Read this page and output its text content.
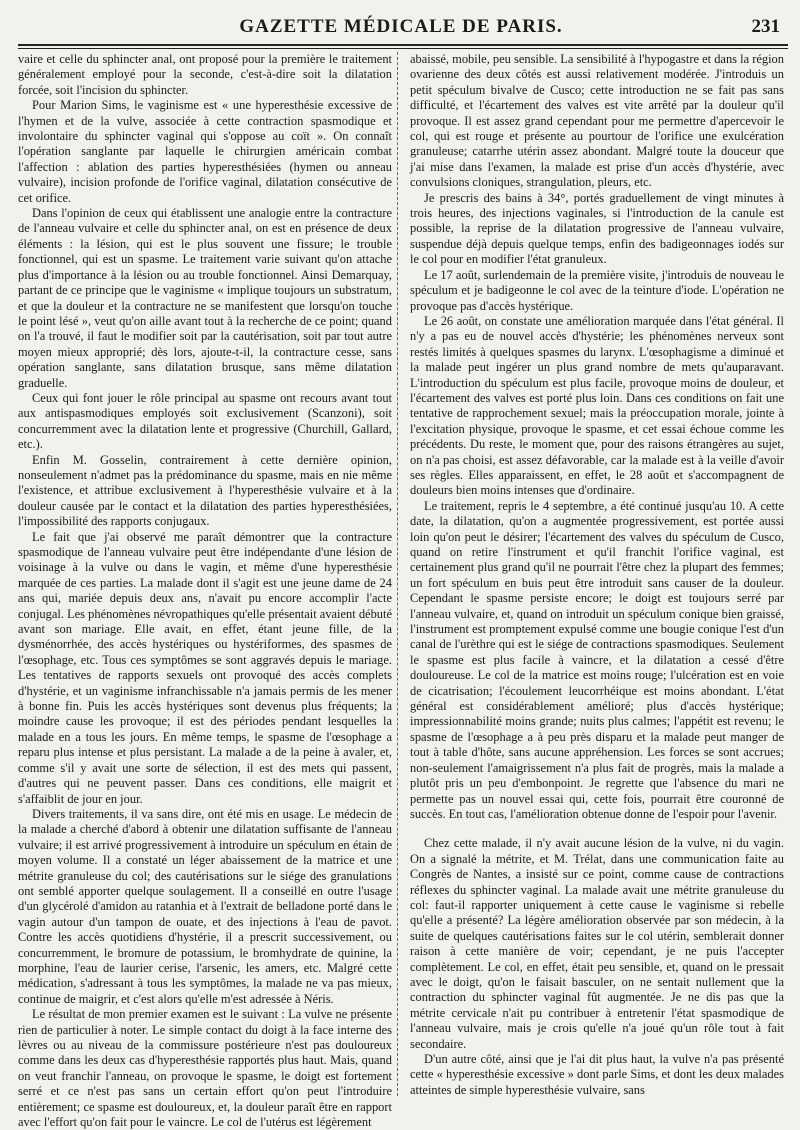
GAZETTE MÉDICALE DE PARIS.	231

vaire et celle du sphincter anal, ont proposé pour la première le traitement généralement employé pour la seconde, c'est-à-dire soit la dilatation forcée, soit l'incision du sphincter.

Pour Marion Sims, le vaginisme est « une hyperesthésie excessive de l'hymen et de la vulve, associée à cette contraction spasmodique et involontaire du sphincter vaginal qui s'oppose au coït ». On connaît l'opération sanglante par laquelle le chirurgien américain combat l'affection : ablation des parties hyperesthésiées (hymen ou anneau vulvaire), incision profonde de l'orifice vaginal, dilatation consécutive de cet orifice.

Dans l'opinion de ceux qui établissent une analogie entre la contracture de l'anneau vulvaire et celle du sphincter anal, on est en présence de deux éléments : la lésion, qui est le plus souvent une fissure; le trouble fonctionnel, qui est un spasme. Le traitement varie suivant qu'on attache plus d'importance à la lésion ou au trouble fonctionnel. Ainsi Demarquay, partant de ce principe que le vaginisme « implique toujours un substratum, et que la douleur et la contracture ne se manifestent que lorsqu'on touche le point lésé », veut qu'on aille avant tout à la recherche de ce point; quand on l'a trouvé, il faut le modifier soit par la cautérisation, soit par tout autre moyen mieux approprié; dès lors, ajoute-t-il, la contracture cesse, sans opération sanglante, sans dilatation brusque, sans même dilatation graduelle.

Ceux qui font jouer le rôle principal au spasme ont recours avant tout aux antispasmodiques employés soit exclusivement (Scanzoni), soit concurremment avec la dilatation lente et progressive (Churchill, Gallard, etc.).

Enfin M. Gosselin, contrairement à cette dernière opinion, nonseulement n'admet pas la prédominance du spasme, mais en nie même l'existence, et attribue exclusivement à l'hyperesthésie vulvaire et à la douleur causée par le contact et la dilatation des parties hyperesthésiées, l'impossibilité des rapports conjugaux.

Le fait que j'ai observé me paraît démontrer que la contracture spasmodique de l'anneau vulvaire peut être indépendante d'une lésion de voisinage à la vulve ou dans le vagin, et même d'une hyperesthésie marquée de ces parties. La malade dont il s'agit est une jeune dame de 24 ans qui, mariée depuis deux ans, n'avait pu encore accomplir l'acte conjugal. Les phénomènes névropathiques qu'elle présentait avaient débuté avant son mariage. Elle avait, en effet, étant jeune fille, de la dysménorrhée, des accès hystériques ou hystériformes, des spasmes de l'œsophage, etc. Tous ces symptômes se sont aggravés depuis le mariage. Les tentatives de rapports sexuels ont provoqué des accès complets d'hystérie, et un vaginisme infranchissable n'a jamais permis de les mener à bonne fin. Puis les accès hystériques sont devenus plus fréquents; la moindre cause les provoque; il est des périodes pendant lesquelles la malade en a tous les jours. En même temps, le spasme de l'œsophage a reparu plus intense et plus persistant. La malade a de la peine à avaler, et, comme s'il y avait une sorte de sélection, il est des mets qui passent, d'autres qui ne peuvent passer. Dans ces conditions, elle maigrit et s'affaiblit de jour en jour.

Divers traitements, il va sans dire, ont été mis en usage. Le médecin de la malade a cherché d'abord à obtenir une dilatation suffisante de l'anneau vulvaire; il est arrivé progressivement à introduire un spéculum en étain de moyen volume. Il a constaté un léger abaissement de la matrice et une métrite granuleuse du col; des cautérisations sur le siége des granulations ont semblé apporter quelque soulagement. Il a conseillé en outre l'usage d'un glycérolé d'amidon au ratanhia et à l'extrait de belladone porté dans le vagin autour d'un tampon de ouate, et des injections à l'eau de pavot. Contre les accès quotidiens d'hystérie, il a prescrit successivement, ou concurremment, le bromure de potassium, le bromhydrate de quinine, la morphine, l'eau de laurier cerise, l'arsenic, les amers, etc. Malgré cette médication, s'adressant à tous les symptômes, la malade ne va pas mieux, continue de maigrir, et c'est alors qu'elle m'est adressée à Néris.

Le résultat de mon premier examen est le suivant : La vulve ne présente rien de particulier à noter. Le simple contact du doigt à la face interne des lèvres ou au niveau de la commissure postérieure n'est pas douloureux comme dans les deux cas d'hyperesthésie rapportés plus haut. Mais, quand on veut franchir l'anneau, on provoque le spasme, le doigt est fortement serré et ce n'est pas sans un certain effort qu'on peut l'introduire entièrement; ce spasme est douloureux, et, la douleur paraît être en rapport avec l'effort qu'on fait pour le vaincre. Le col de l'utérus est légèrement

abaissé, mobile, peu sensible. La sensibilité à l'hypogastre et dans la région ovarienne des deux côtés est aussi relativement modérée. J'introduis un petit spéculum bivalve de Cusco; cette introduction ne se fait pas sans difficulté, et l'écartement des valves est vite arrêté par la douleur qu'il provoque. Il est assez grand cependant pour me permettre d'apercevoir le col, qui est rouge et présente au pourtour de l'orifice une exulcération granuleuse; catarrhe utérin assez abondant. Malgré toute la douceur que j'ai mise dans l'examen, la malade est prise d'un accès d'hystérie, avec convulsions cloniques, strangulation, pleurs, etc.

Je prescris des bains à 34°, portés graduellement de vingt minutes à trois heures, des injections vaginales, si l'introduction de la canule est possible, la reprise de la dilatation progressive de l'anneau vulvaire, suspendue déjà depuis quelque temps, enfin des badigeonnages iodés sur le col pour en modifier l'état granuleux.

Le 17 août, surlendemain de la première visite, j'introduis de nouveau le spéculum et je badigeonne le col avec de la teinture d'iode. L'opération ne provoque pas d'accès hystérique.

Le 26 août, on constate une amélioration marquée dans l'état général. Il n'y a pas eu de nouvel accès d'hystérie; les phénomènes nerveux sont restés limités à quelques spasmes du larynx. L'œsophagisme a diminué et la malade peut ingérer un plus grand nombre de mets qu'auparavant. L'introduction du spéculum est plus facile, provoque moins de douleur, et l'écartement des valves est porté plus loin. Dans ces conditions on fait une tentative de rapprochement sexuel; mais la préoccupation morale, jointe à l'excitation physique, provoque le spasme, et cet essai échoue comme les précédents. Du reste, le moment que, pour des raisons étrangères au sujet, on n'a pas choisi, est assez défavorable, car la malade est à la veille d'avoir ses règles. Elles apparaissent, en effet, le 28 août et s'accompagnent de douleurs bien moins intenses que d'ordinaire.

Le traitement, repris le 4 septembre, a été continué jusqu'au 10. A cette date, la dilatation, qu'on a augmentée progressivement, est portée aussi loin qu'on peut le désirer; l'écartement des valves du spéculum de Cusco, quand on retire l'instrument et qu'il franchit l'orifice vaginal, est certainement plus grand qu'il ne pourrait l'être chez la plupart des femmes; un fort spéculum en buis peut être introduit sans causer de la douleur. Cependant le spasme persiste encore; le doigt est toujours serré par l'anneau vulvaire, et, quand on introduit un spéculum conique bien graissé, l'instrument est promptement expulsé comme une bougie conique l'est d'un canal de l'urèthre qui est le siége de contractions spasmodiques. Seulement le spasme est plus facile à vaincre, et la dilatation a cessé d'être douloureuse. Le col de la matrice est moins rouge; l'ulcération est en voie de cicatrisation; l'écoulement leucorrhéique est moins abondant. L'état général est considérablement amélioré; plus d'accès hystérique; impressionnabilité moins grande; nuits plus calmes; l'appétit est revenu; le spasme de l'œsophage a à peu près disparu et la malade peut manger de tout à table d'hôte, sans aucune appréhension. Les forces se sont accrues; non-seulement l'amaigrissement n'a plus fait de progrès, mais la malade a plutôt pris un peu d'embonpoint. Je regrette que l'absence du mari ne permette pas un nouvel essai qui, cette fois, pourrait être couronné de succès. En tout cas, l'amélioration obtenue donne de l'espoir pour l'avenir.

Chez cette malade, il n'y avait aucune lésion de la vulve, ni du vagin. On a signalé la métrite, et M. Trélat, dans une communication faite au Congrès de Nantes, a insisté sur ce point, comme cause de contractions réflexes du sphincter vaginal. La malade avait une métrite granuleuse du col: faut-il rapporter uniquement à cette cause le vaginisme si rebelle qu'elle a présenté? La légère amélioration observée par son médecin, à la suite de quelques cautérisations faites sur le col utérin, semblerait donner raison à cette manière de voir; cependant, je ne puis l'accepter complètement. Le col, en effet, était peu sensible, et, quand on le pressait avec le doigt, qu'on le faisait basculer, on ne sentait nullement que la contraction du sphincter vaginal fût augmentée. Je ne dis pas que la métrite cervicale n'ait pu contribuer à entretenir l'état spasmodique de l'anneau vulvaire, mais je crois qu'elle n'a joué qu'un rôle tout à fait secondaire.

D'un autre côté, ainsi que je l'ai dit plus haut, la vulve n'a pas présenté cette « hyperesthésie excessive » dont parle Sims, et dont les deux malades atteintes de simple hyperesthésie vulvaire, sans
